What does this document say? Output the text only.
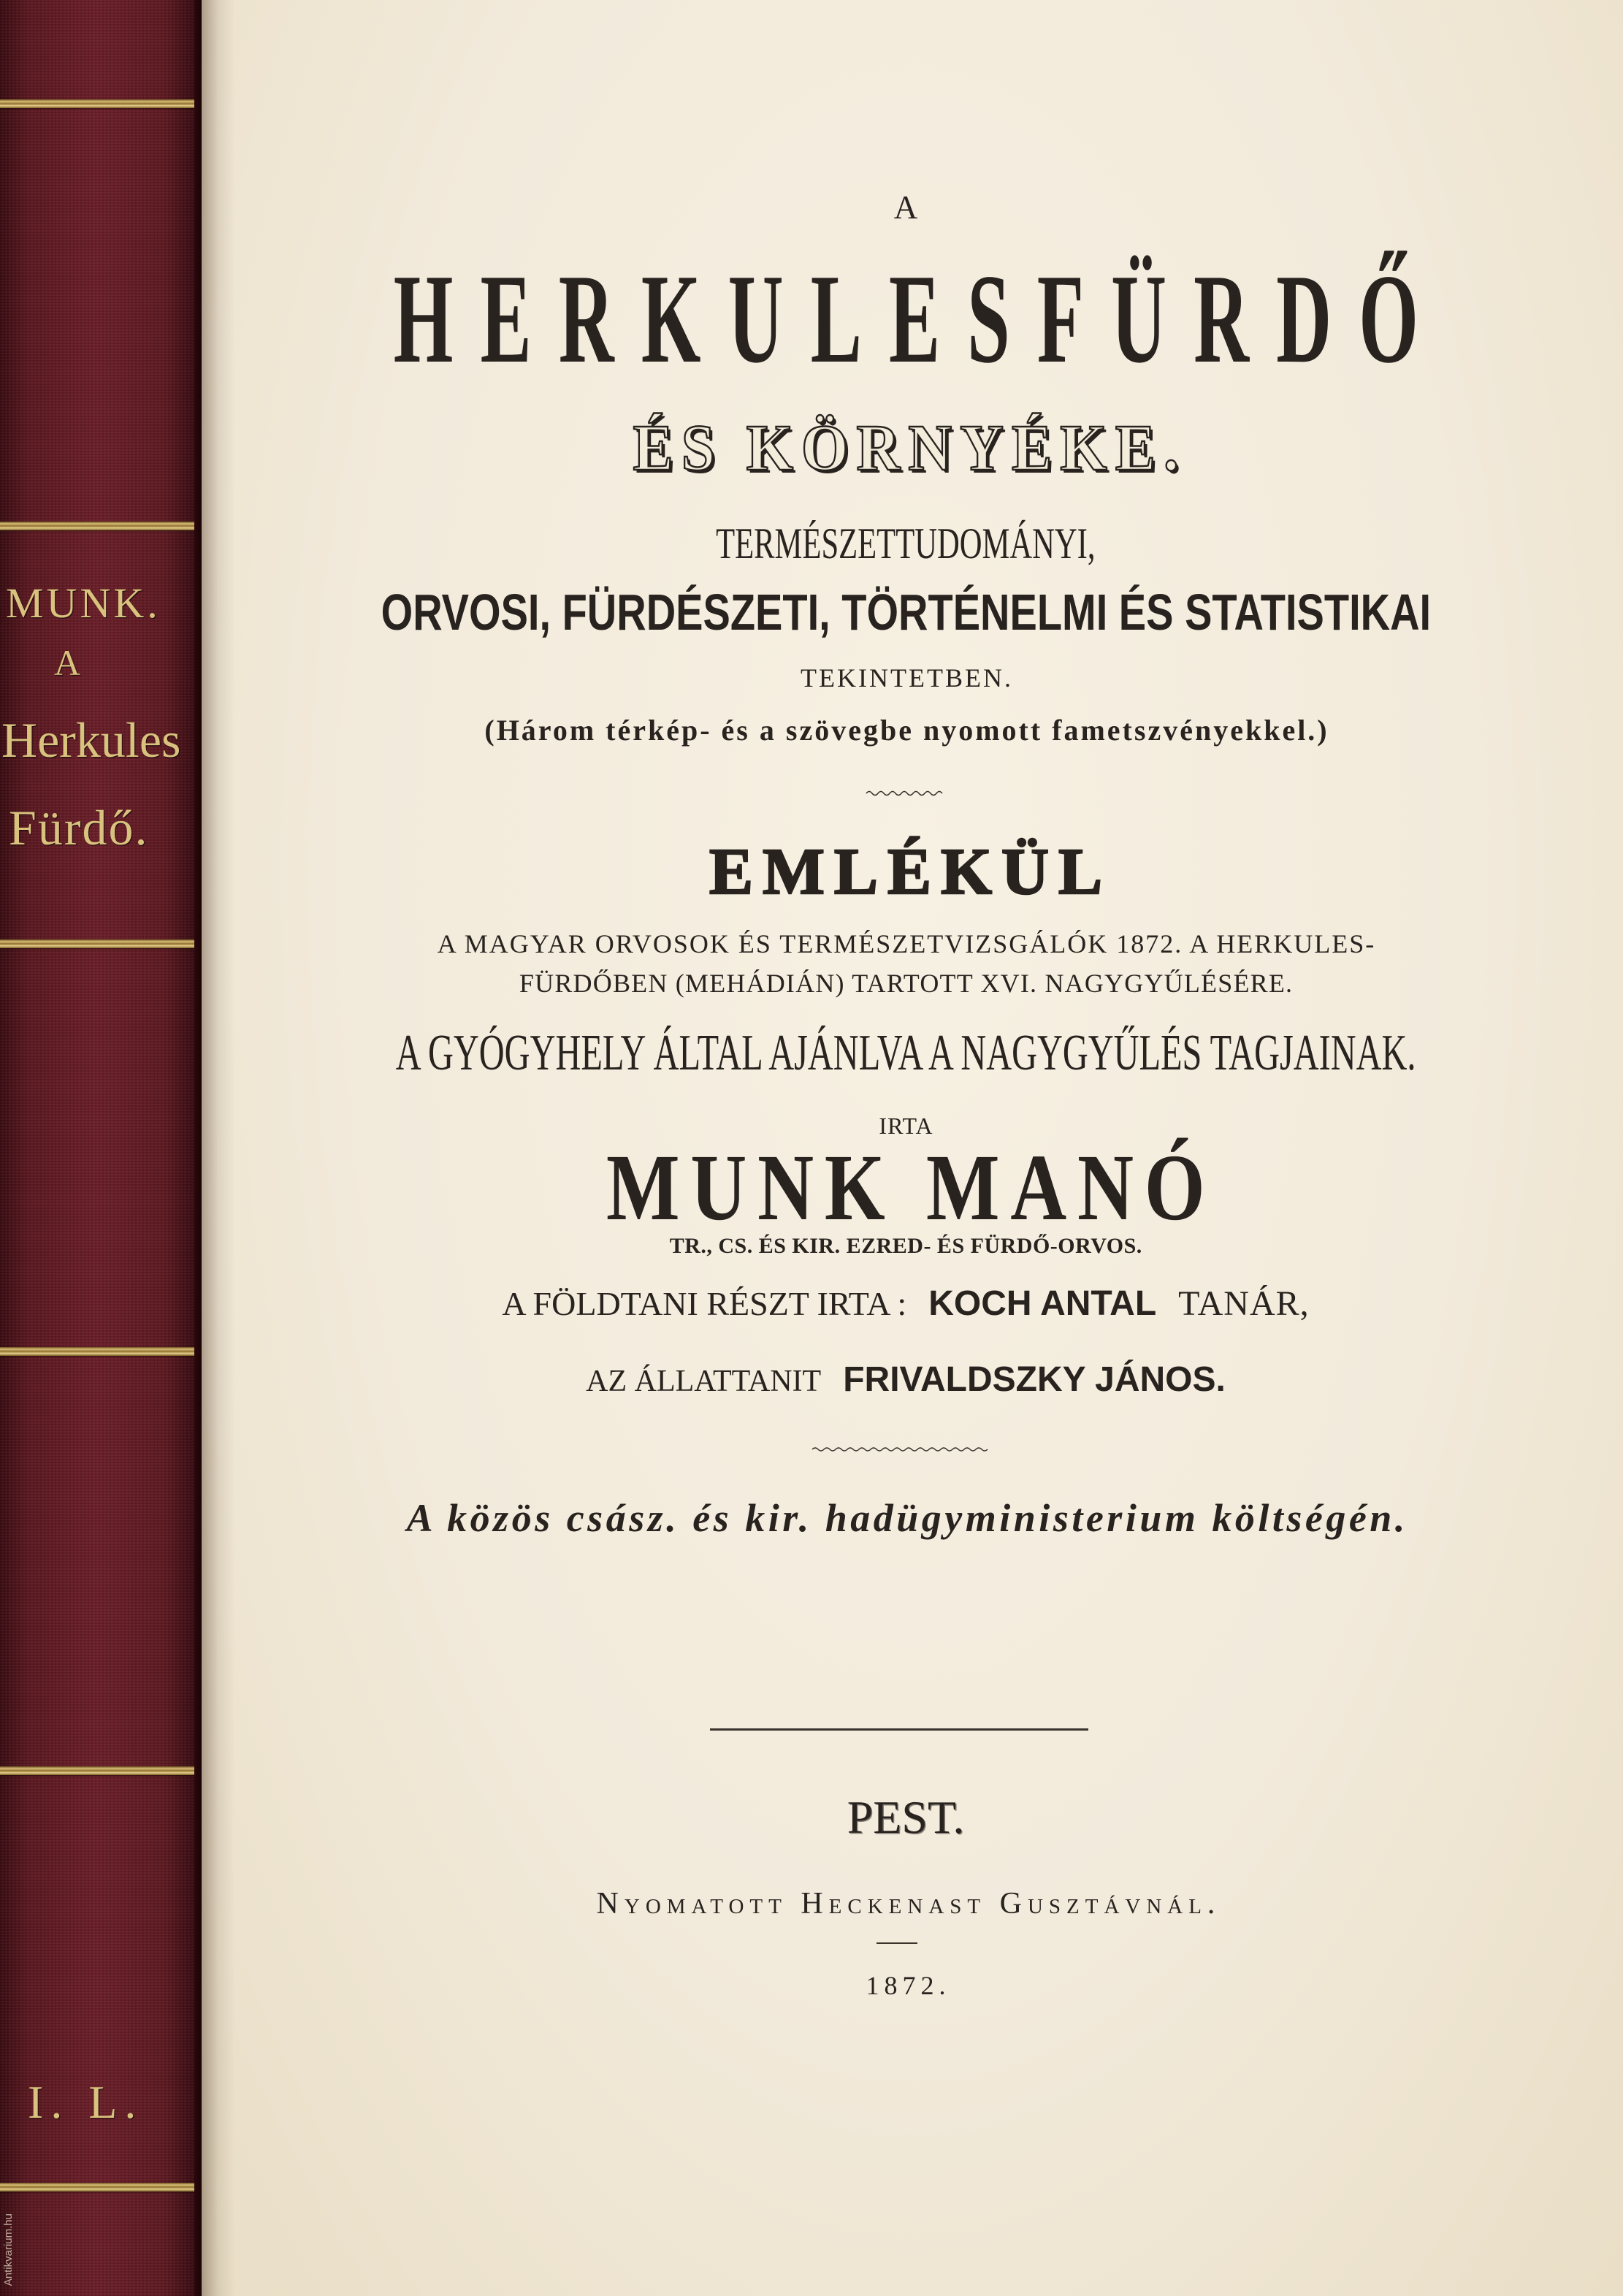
MUNK.
A
Herkules
Fürdő.
I. L.
Antikvarium.hu
A
HERKULESFÜRDŐ
ÉS KÖRNYÉKE.
TERMÉSZETTUDOMÁNYI,
ORVOSI, FÜRDÉSZETI, TÖRTÉNELMI ÉS STATISTIKAI
TEKINTETBEN.
(Három térkép- és a szövegbe nyomott fametszvényekkel.)
EMLÉKÜL
A MAGYAR ORVOSOK ÉS TERMÉSZETVIZSGÁLÓK 1872. A HERKULES-
FÜRDŐBEN (MEHÁDIÁN) TARTOTT XVI. NAGYGYŰLÉSÉRE.
A GYÓGYHELY ÁLTAL AJÁNLVA A NAGYGYŰLÉS TAGJAINAK.
IRTA
MUNK MANÓ
TR., CS. ÉS KIR. EZRED- ÉS FÜRDŐ-ORVOS.
A FÖLDTANI RÉSZT IRTA : KOCH ANTAL TANÁR,
AZ ÁLLATTANIT FRIVALDSZKY JÁNOS.
A közös csász. és kir. hadügyministerium költségén.
PEST.
Nyomatott Heckenast Gusztávnál.
1872.
